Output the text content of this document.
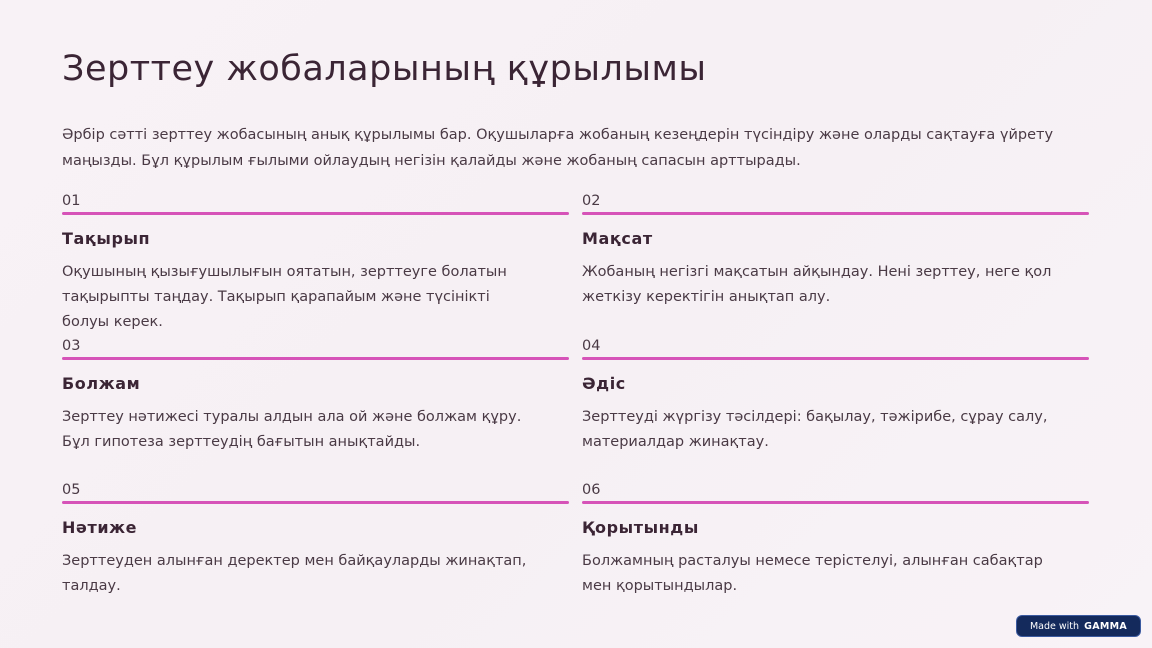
Зерттеу жобаларының құрылымы

Әрбір сәтті зерттеу жобасының анық құрылымы бар. Оқушыларға жобаның кезеңдерін түсіндіру және оларды сақтауға үйрету маңызды. Бұл құрылым ғылыми ойлаудың негізін қалайды және жобаның сапасын арттырады.

01
Тақырып
Оқушының қызығушылығын оятатын, зерттеуге болатын
тақырыпты таңдау. Тақырып қарапайым және түсінікті
болуы керек.
02
Мақсат
Жобаның негізгі мақсатын айқындау. Нені зерттеу, неге қол
жеткізу керектігін анықтап алу.
03
Болжам
Зерттеу нәтижесі туралы алдын ала ой және болжам құру.
Бұл гипотеза зерттеудің бағытын анықтайды.
04
Әдіс
Зерттеуді жүргізу тәсілдері: бақылау, тәжірибе, сұрау салу,
материалдар жинақтау.
05
Нәтиже
Зерттеуден алынған деректер мен байқауларды жинақтап, талдау.
06
Қорытынды
Болжамның расталуы немесе терістелуі, алынған сабақтар
мен қорытындылар.
Made with GAMMA
